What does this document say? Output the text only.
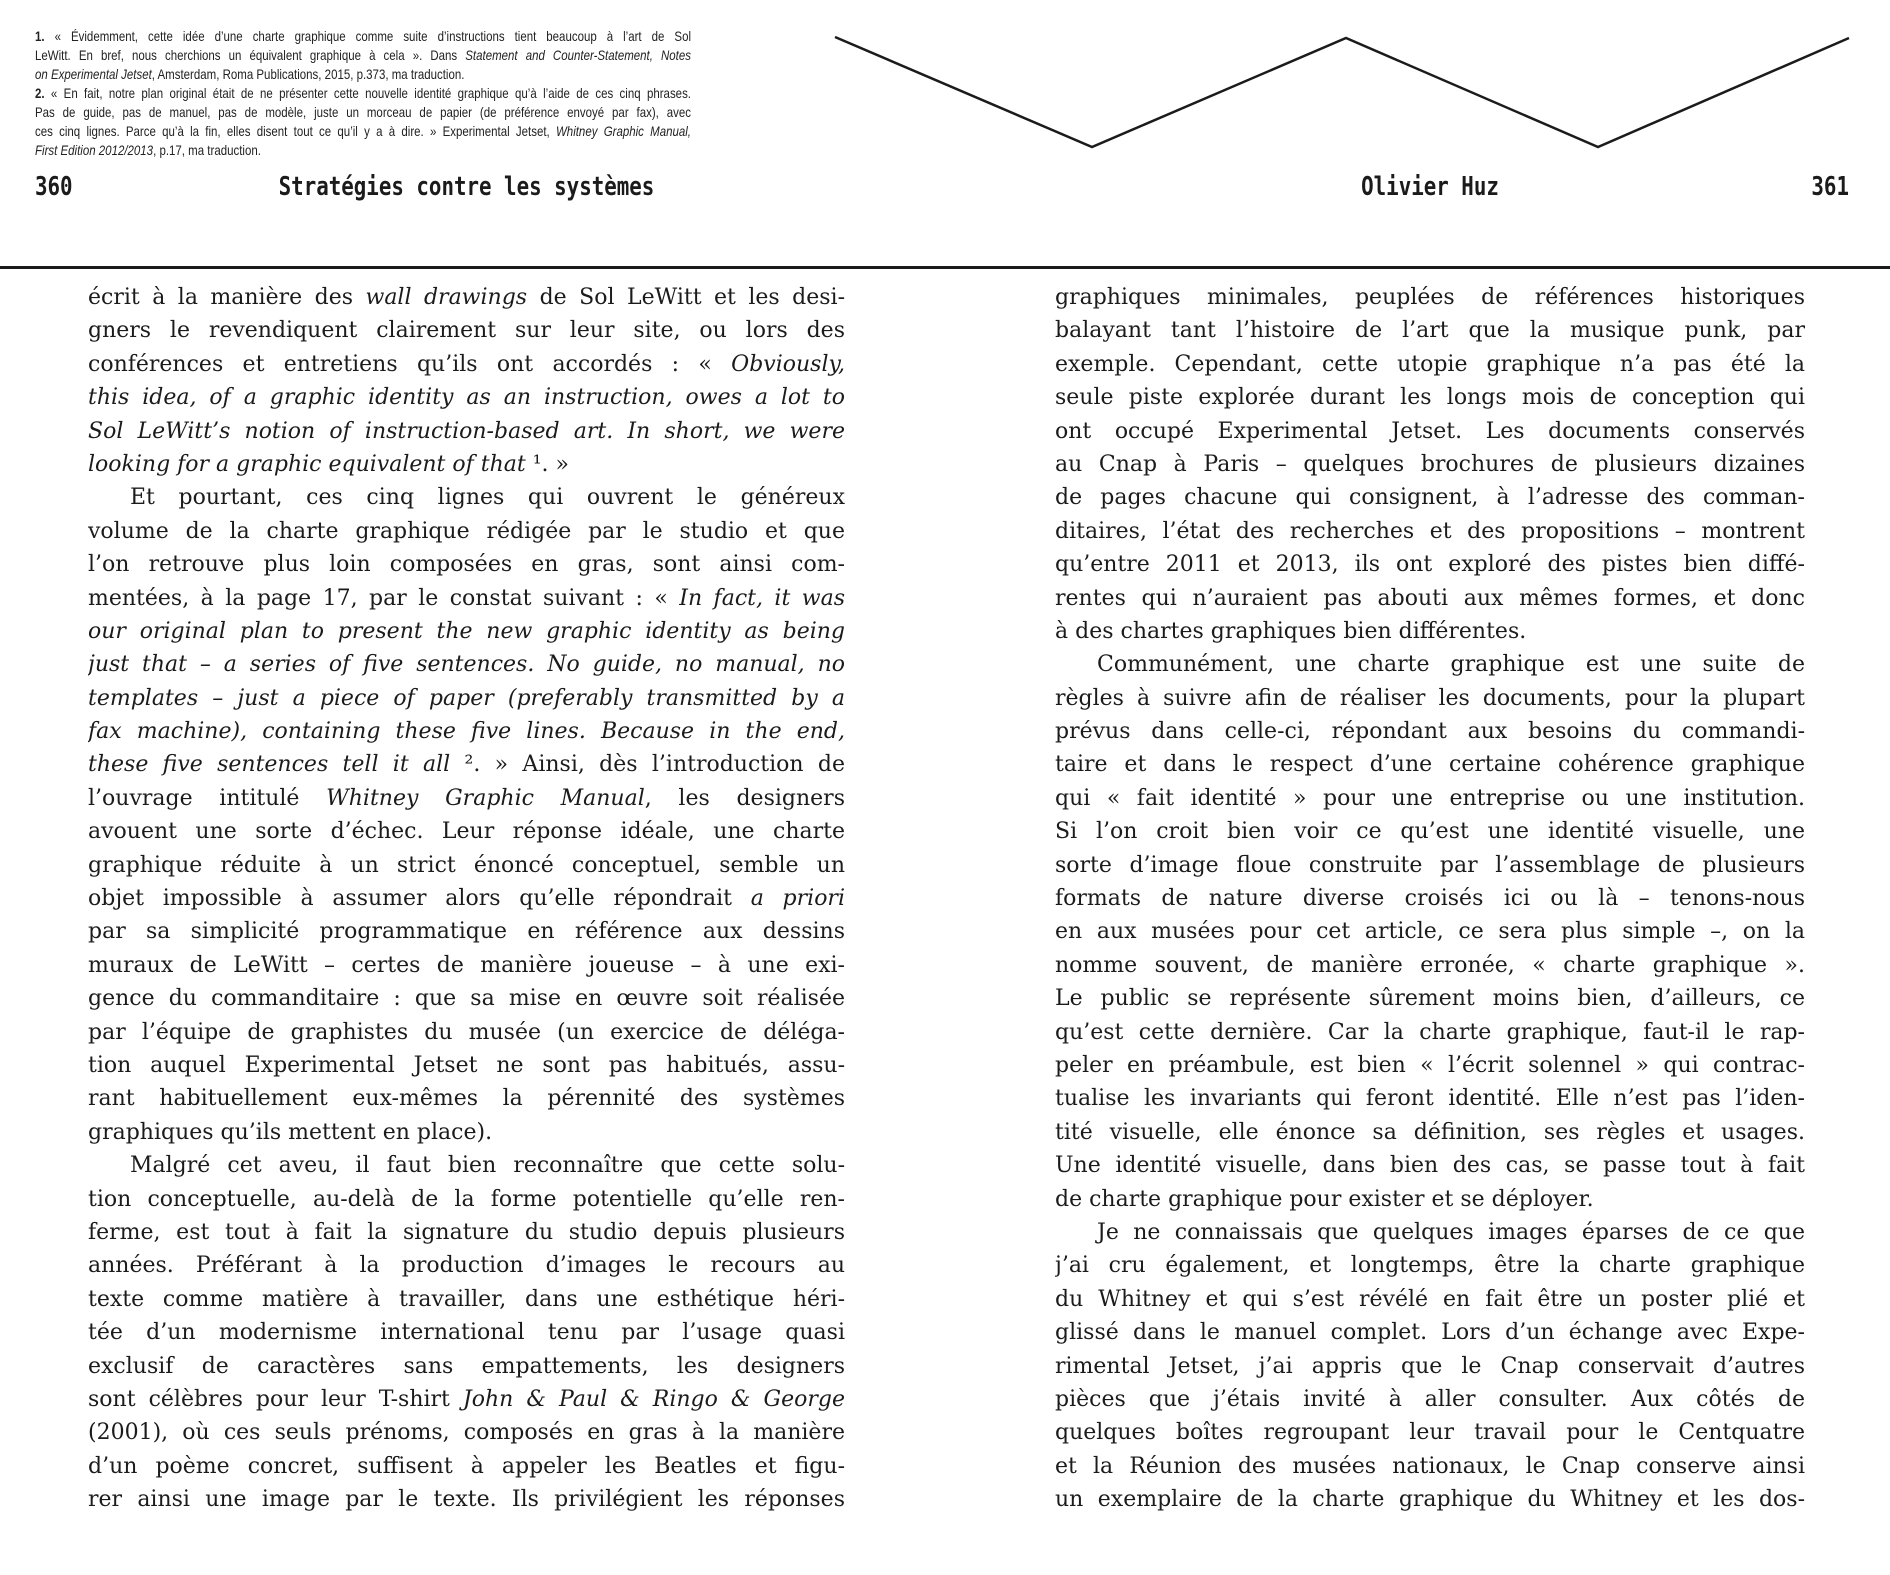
1. « Évidemment, cette idée d’une charte graphique comme suite d’instructions tient beaucoup à l’art de Sol
LeWitt. En bref, nous cherchions un équivalent graphique à cela ». Dans Statement and Counter-Statement, Notes
on Experimental Jetset, Amsterdam, Roma Publications, 2015, p.373, ma traduction.
2. « En fait, notre plan original était de ne présenter cette nouvelle identité graphique qu’à l’aide de ces cinq phrases.
Pas de guide, pas de manuel, pas de modèle, juste un morceau de papier (de préférence envoyé par fax), avec
ces cinq lignes. Parce qu’à la fin, elles disent tout ce qu’il y a à dire. » Experimental Jetset, Whitney Graphic Manual,
First Edition 2012/2013, p.17, ma traduction.
360	Stratégies contre les systèmes	Olivier Huz	361
écrit à la manière des wall drawings de Sol LeWitt et les desi-
gners le revendiquent clairement sur leur site, ou lors des
conférences et entretiens qu’ils ont accordés : « Obviously,
this idea, of a graphic identity as an instruction, owes a lot to
Sol LeWitt’s notion of instruction-based art. In short, we were
looking for a graphic equivalent of that ¹. »
Et pourtant, ces cinq lignes qui ouvrent le généreux
volume de la charte graphique rédigée par le studio et que
l’on retrouve plus loin composées en gras, sont ainsi com-
mentées, à la page 17, par le constat suivant : « In fact, it was
our original plan to present the new graphic identity as being
just that – a series of five sentences. No guide, no manual, no
templates – just a piece of paper (preferably transmitted by a
fax machine), containing these five lines. Because in the end,
these five sentences tell it all ². » Ainsi, dès l’introduction de
l’ouvrage intitulé Whitney Graphic Manual, les designers
avouent une sorte d’échec. Leur réponse idéale, une charte
graphique réduite à un strict énoncé conceptuel, semble un
objet impossible à assumer alors qu’elle répondrait a priori
par sa simplicité programmatique en référence aux dessins
muraux de LeWitt – certes de manière joueuse – à une exi-
gence du commanditaire : que sa mise en œuvre soit réalisée
par l’équipe de graphistes du musée (un exercice de déléga-
tion auquel Experimental Jetset ne sont pas habitués, assu-
rant habituellement eux-mêmes la pérennité des systèmes
graphiques qu’ils mettent en place).
Malgré cet aveu, il faut bien reconnaître que cette solu-
tion conceptuelle, au-delà de la forme potentielle qu’elle ren-
ferme, est tout à fait la signature du studio depuis plusieurs
années. Préférant à la production d’images le recours au
texte comme matière à travailler, dans une esthétique héri-
tée d’un modernisme international tenu par l’usage quasi
exclusif de caractères sans empattements, les designers
sont célèbres pour leur T-shirt John & Paul & Ringo & George
(2001), où ces seuls prénoms, composés en gras à la manière
d’un poème concret, suffisent à appeler les Beatles et figu-
rer ainsi une image par le texte. Ils privilégient les réponses
graphiques minimales, peuplées de références historiques
balayant tant l’histoire de l’art que la musique punk, par
exemple. Cependant, cette utopie graphique n’a pas été la
seule piste explorée durant les longs mois de conception qui
ont occupé Experimental Jetset. Les documents conservés
au Cnap à Paris – quelques brochures de plusieurs dizaines
de pages chacune qui consignent, à l’adresse des comman-
ditaires, l’état des recherches et des propositions – montrent
qu’entre 2011 et 2013, ils ont exploré des pistes bien diffé-
rentes qui n’auraient pas abouti aux mêmes formes, et donc
à des chartes graphiques bien différentes.
Communément, une charte graphique est une suite de
règles à suivre afin de réaliser les documents, pour la plupart
prévus dans celle-ci, répondant aux besoins du commandi-
taire et dans le respect d’une certaine cohérence graphique
qui « fait identité » pour une entreprise ou une institution.
Si l’on croit bien voir ce qu’est une identité visuelle, une
sorte d’image floue construite par l’assemblage de plusieurs
formats de nature diverse croisés ici ou là – tenons-nous
en aux musées pour cet article, ce sera plus simple –, on la
nomme souvent, de manière erronée, « charte graphique ».
Le public se représente sûrement moins bien, d’ailleurs, ce
qu’est cette dernière. Car la charte graphique, faut-il le rap-
peler en préambule, est bien « l’écrit solennel » qui contrac-
tualise les invariants qui feront identité. Elle n’est pas l’iden-
tité visuelle, elle énonce sa définition, ses règles et usages.
Une identité visuelle, dans bien des cas, se passe tout à fait
de charte graphique pour exister et se déployer.
Je ne connaissais que quelques images éparses de ce que
j’ai cru également, et longtemps, être la charte graphique
du Whitney et qui s’est révélé en fait être un poster plié et
glissé dans le manuel complet. Lors d’un échange avec Expe-
rimental Jetset, j’ai appris que le Cnap conservait d’autres
pièces que j’étais invité à aller consulter. Aux côtés de
quelques boîtes regroupant leur travail pour le Centquatre
et la Réunion des musées nationaux, le Cnap conserve ainsi
un exemplaire de la charte graphique du Whitney et les dos-
